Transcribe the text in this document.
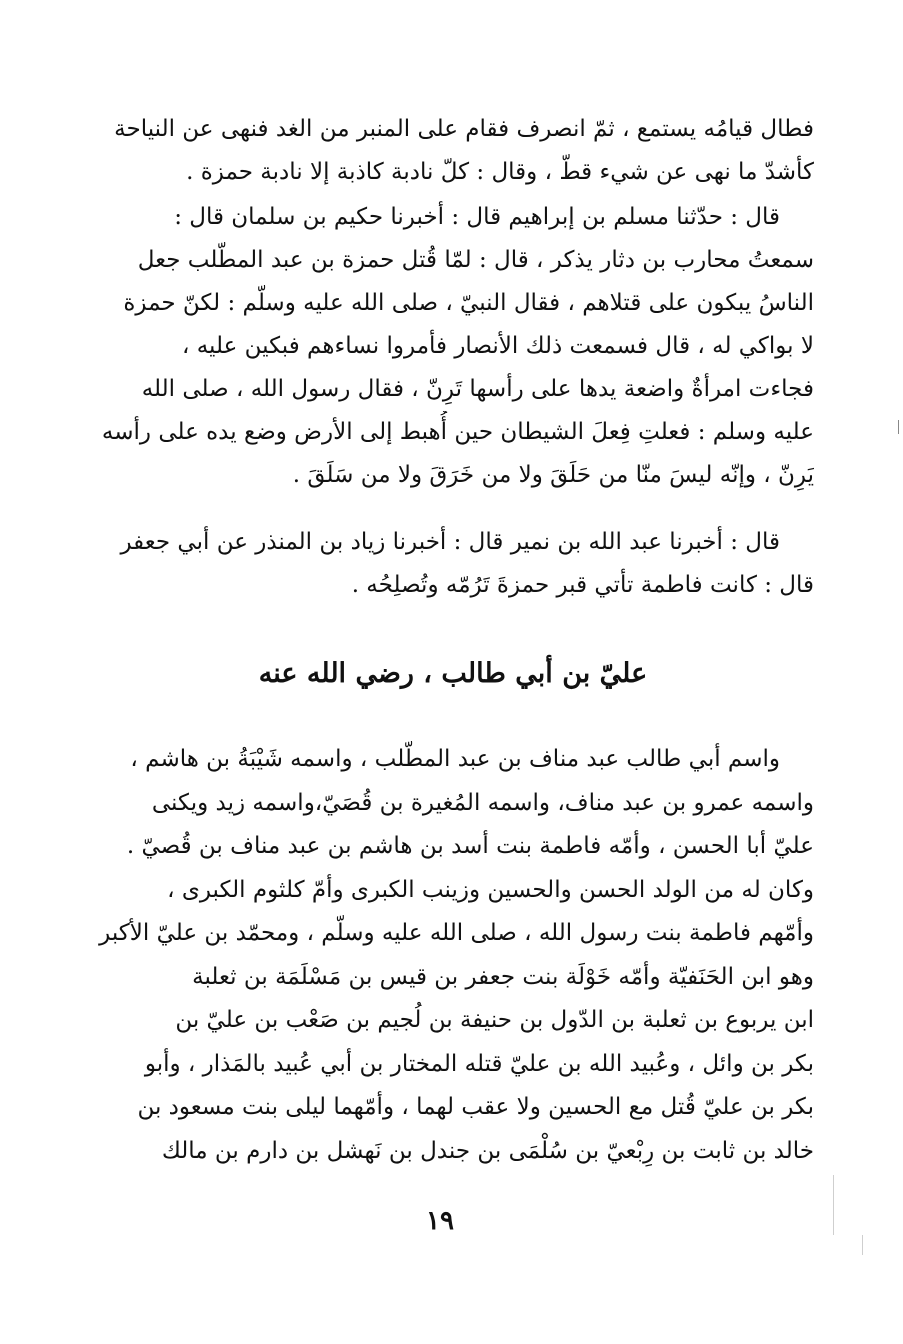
فطال قيامُه يستمع ، ثمّ انصرف فقام على المنبر من الغد فنهى عن النياحة
كأشدّ ما نهى عن شيء قطّ ، وقال : كلّ نادبة كاذبة إلا نادبة حمزة .
قال : حدّثنا مسلم بن إبراهيم قال : أخبرنا حكيم بن سلمان قال :
سمعتُ محارب بن دثار يذكر ، قال : لمّا قُتل حمزة بن عبد المطّلب جعل
الناسُ يبكون على قتلاهم ، فقال النبيّ ، صلى الله عليه وسلّم : لكنّ حمزة
لا بواكي له ، قال فسمعت ذلك الأنصار فأمروا نساءهم فبكين عليه ،
فجاءت امرأةٌ واضعة يدها على رأسها تَرِنّ ، فقال رسول الله ، صلى الله
عليه وسلم : فعلتِ فِعلَ الشيطان حين أُهبط إلى الأرض وضع يده على رأسه
يَرِنّ ، وإنّه ليسَ منّا من حَلَقَ ولا من خَرَقَ ولا من سَلَقَ .
قال : أخبرنا عبد الله بن نمير قال : أخبرنا زياد بن المنذر عن أبي جعفر
قال : كانت فاطمة تأتي قبر حمزةَ تَرُمّه وتُصلِحُه .
عليّ بن أبي طالب ، رضي الله عنه
واسم أبي طالب عبد مناف بن عبد المطّلب ، واسمه شَيْبَةُ بن هاشم ،
واسمه عمرو بن عبد مناف، واسمه المُغيرة بن قُصَيّ،واسمه زيد ويكنى
عليّ أبا الحسن ، وأمّه فاطمة بنت أسد بن هاشم بن عبد مناف بن قُصيّ .
وكان له من الولد الحسن والحسين وزينب الكبرى وأمّ كلثوم الكبرى ،
وأمّهم فاطمة بنت رسول الله ، صلى الله عليه وسلّم ، ومحمّد بن عليّ الأكبر
وهو ابن الحَنَفيّة وأمّه خَوْلَة بنت جعفر بن قيس بن مَسْلَمَة بن ثعلبة
ابن يربوع بن ثعلبة بن الدّول بن حنيفة بن لُجيم بن صَعْب بن عليّ بن
بكر بن وائل ، وعُبيد الله بن عليّ قتله المختار بن أبي عُبيد بالمَذار ، وأبو
بكر بن عليّ قُتل مع الحسين ولا عقب لهما ، وأمّهما ليلى بنت مسعود بن
خالد بن ثابت بن رِبْعيّ بن سُلْمَى بن جندل بن نَهشل بن دارم بن مالك
١٩
